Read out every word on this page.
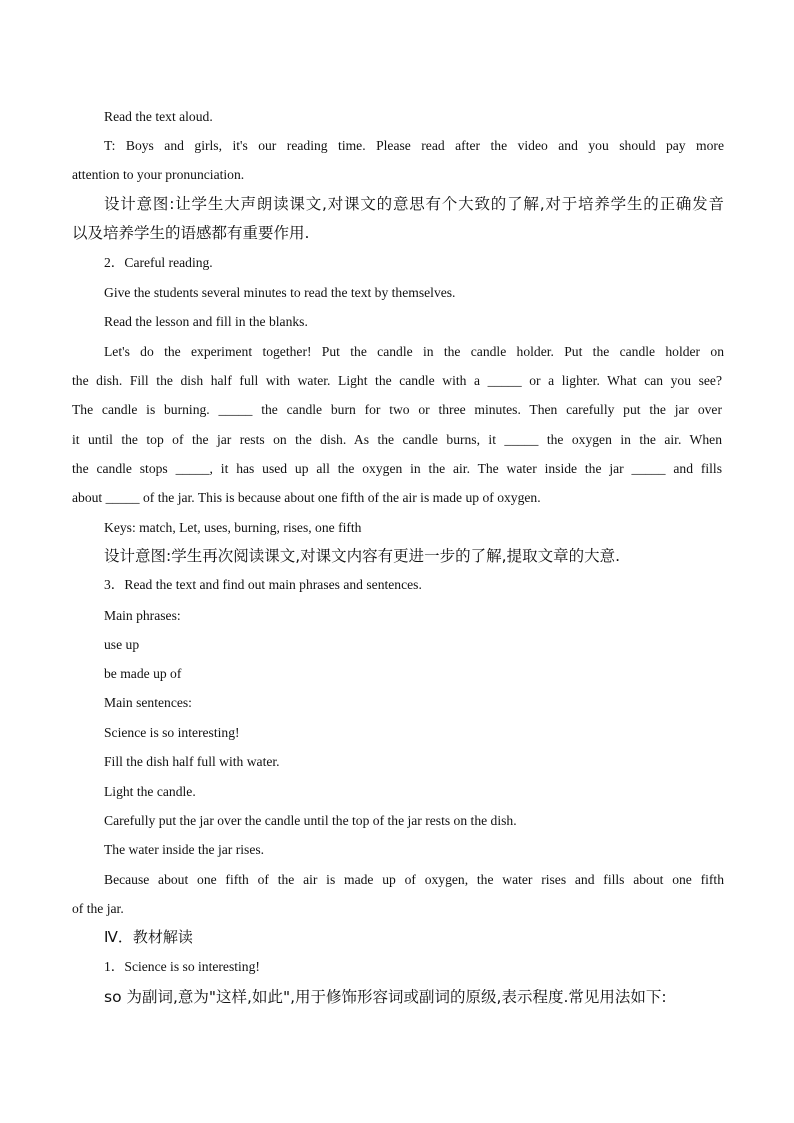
Read the text aloud.
T: Boys and girls, it's our reading time. Please read after the video and you should pay more
attention to your pronunciation.
设计意图:让学生大声朗读课文,对课文的意思有个大致的了解,对于培养学生的正确发音
以及培养学生的语感都有重要作用.
2．Careful reading.
Give the students several minutes to read the text by themselves.
Read the lesson and fill in the blanks.
Let's do the experiment together! Put the candle in the candle holder. Put the candle holder on
the dish. Fill the dish half full with water. Light the candle with a _____ or a lighter. What can you see?
The candle is burning. _____ the candle burn for two or three minutes. Then carefully put the jar over
it until the top of the jar rests on the dish. As the candle burns, it _____ the oxygen in the air. When
the candle stops _____, it has used up all the oxygen in the air. The water inside the jar _____ and fills
about _____ of the jar. This is because about one fifth of the air is made up of oxygen.
Keys: match, Let, uses, burning, rises, one fifth
设计意图:学生再次阅读课文,对课文内容有更进一步的了解,提取文章的大意.
3．Read the text and find out main phrases and sentences.
Main phrases:
use up
be made up of
Main sentences:
Science is so interesting!
Fill the dish half full with water.
Light the candle.
Carefully put the jar over the candle until the top of the jar rests on the dish.
The water inside the jar rises.
Because about one fifth of the air is made up of oxygen, the water rises and fills about one fifth
of the jar.
Ⅳ．教材解读
1．Science is so interesting!
so 为副词,意为"这样,如此",用于修饰形容词或副词的原级,表示程度.常见用法如下:
